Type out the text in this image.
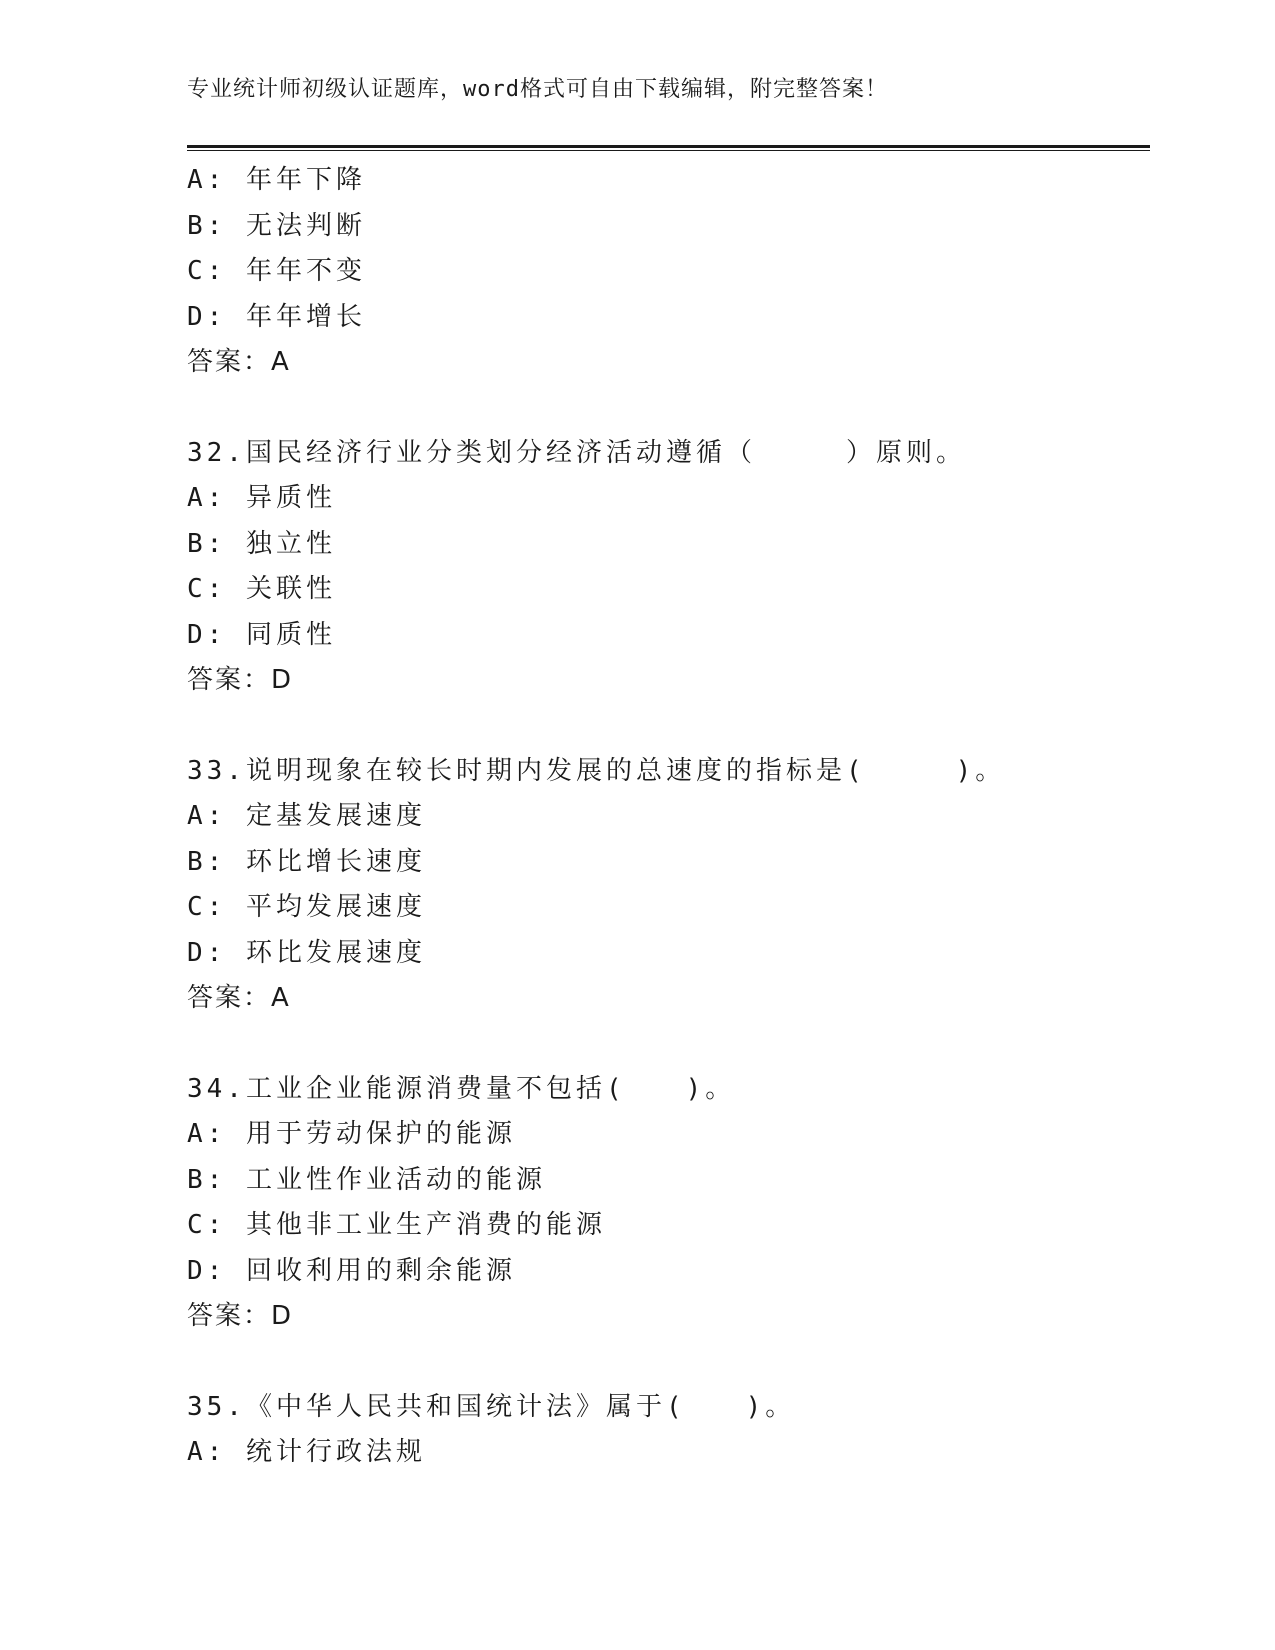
专业统计师初级认证题库，word格式可自由下载编辑，附完整答案！
A: 年年下降
B: 无法判断
C: 年年不变
D: 年年增长
答案：A
32.国民经济行业分类划分经济活动遵循（　　　）原则。
A: 异质性
B: 独立性
C: 关联性
D: 同质性
答案：D
33.说明现象在较长时期内发展的总速度的指标是(　　　)。
A: 定基发展速度
B: 环比增长速度
C: 平均发展速度
D: 环比发展速度
答案：A
34.工业企业能源消费量不包括(　　)。
A: 用于劳动保护的能源
B: 工业性作业活动的能源
C: 其他非工业生产消费的能源
D: 回收利用的剩余能源
答案：D
35.《中华人民共和国统计法》属于(　　)。
A: 统计行政法规
